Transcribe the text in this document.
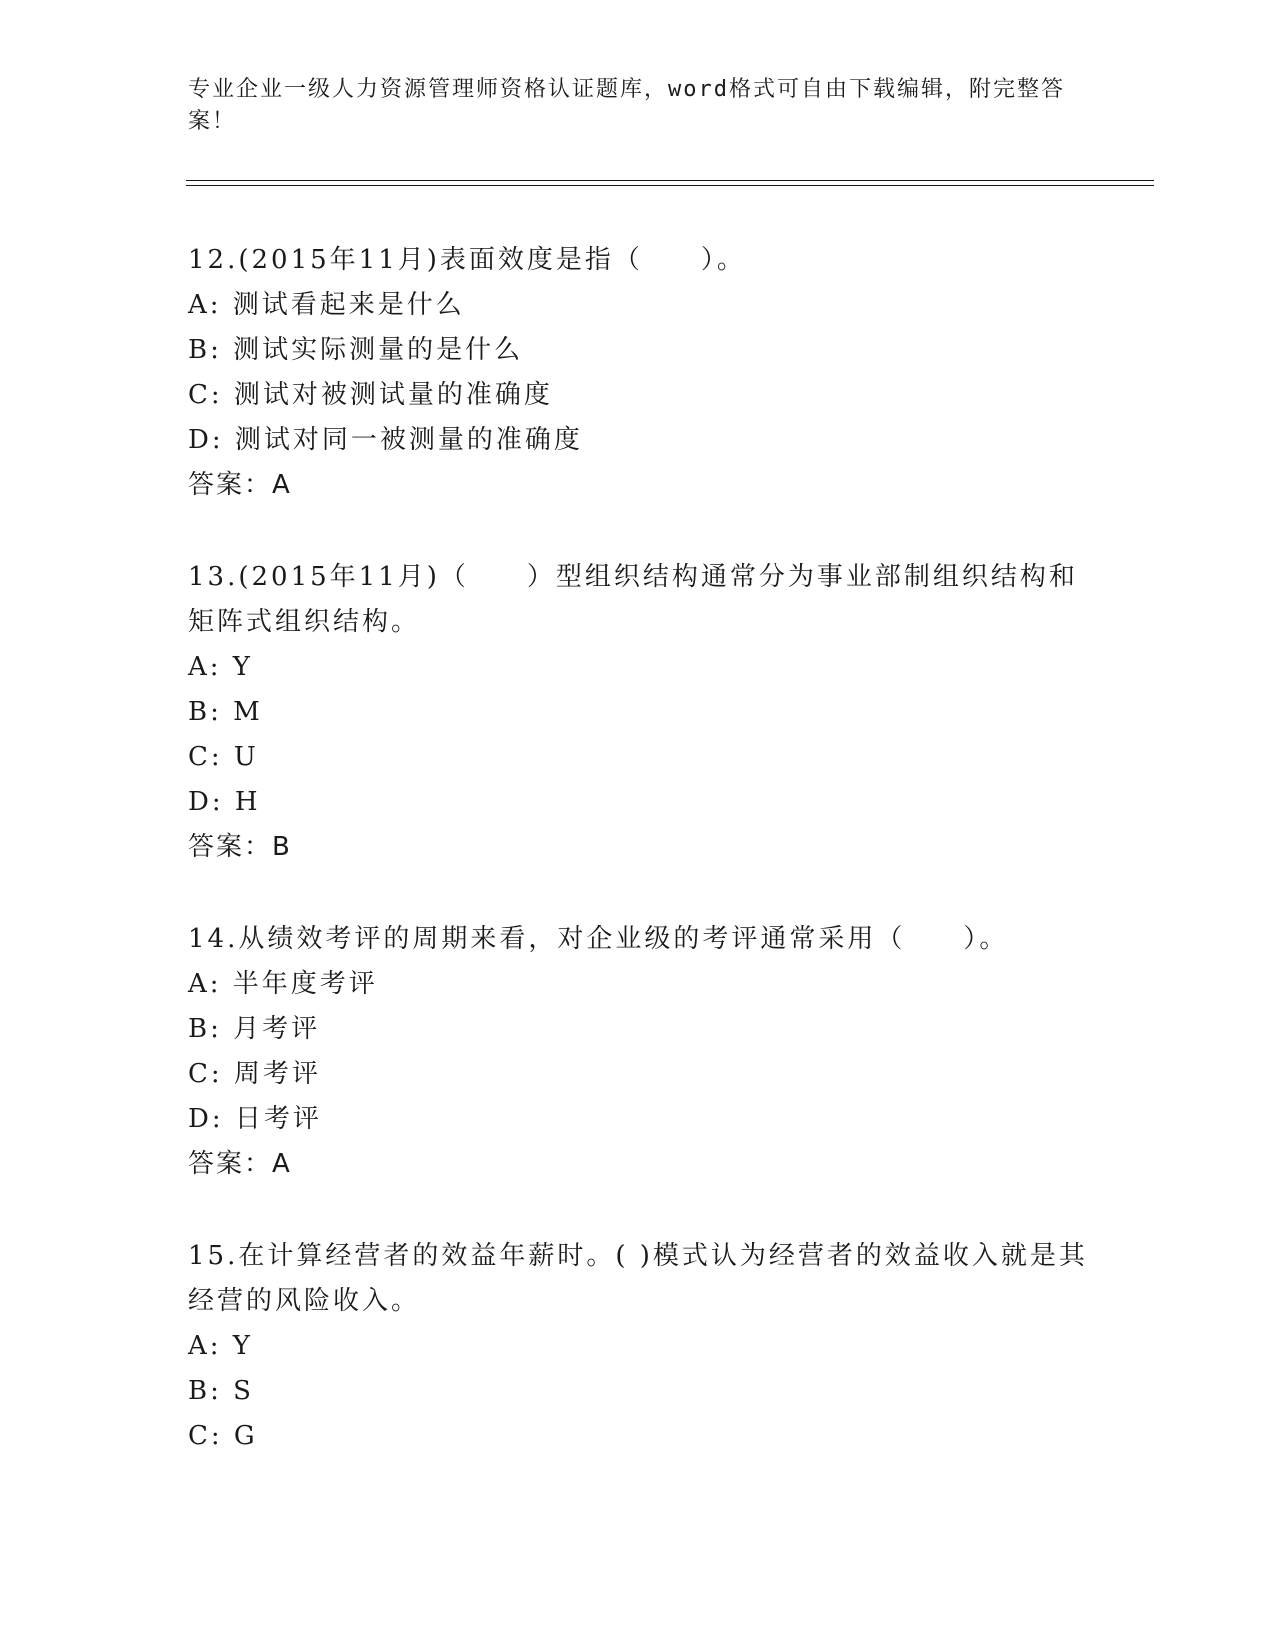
专业企业一级人力资源管理师资格认证题库，word格式可自由下载编辑，附完整答案！
12.(2015年11月)表面效度是指（　　）。
A: 测试看起来是什么
B: 测试实际测量的是什么
C: 测试对被测试量的准确度
D: 测试对同一被测量的准确度
答案：A
13.(2015年11月)（　　）型组织结构通常分为事业部制组织结构和矩阵式组织结构。
A: Y
B: M
C: U
D: H
答案：B
14.从绩效考评的周期来看，对企业级的考评通常采用（　　）。
A: 半年度考评
B: 月考评
C: 周考评
D: 日考评
答案：A
15.在计算经营者的效益年薪时。( )模式认为经营者的效益收入就是其经营的风险收入。
A: Y
B: S
C: G
